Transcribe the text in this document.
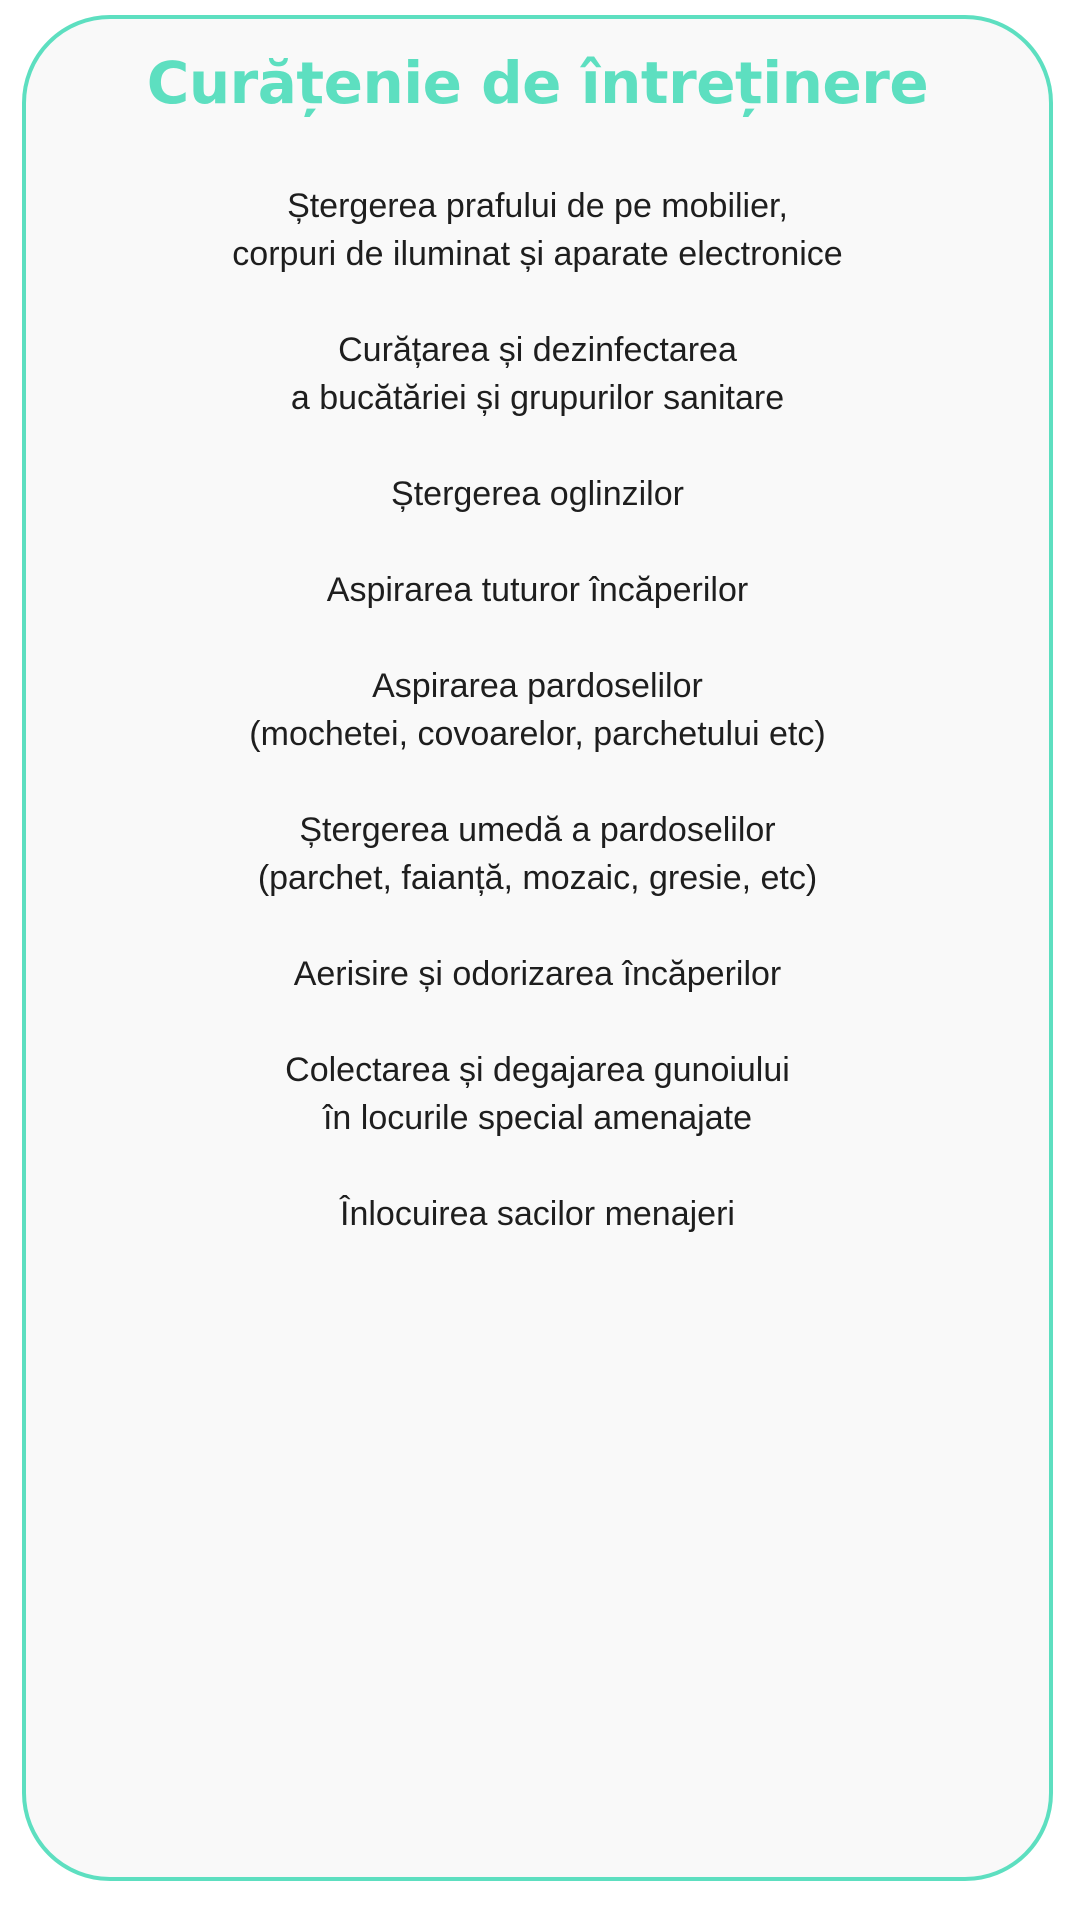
Curățenie de întreținere
Ștergerea prafului de pe mobilier,
corpuri de iluminat și aparate electronice
Curățarea și dezinfectarea
a bucătăriei și grupurilor sanitare
Ștergerea oglinzilor
Aspirarea tuturor încăperilor
Aspirarea pardoselilor
(mochetei, covoarelor, parchetului etc)
Ștergerea umedă a pardoselilor
(parchet, faianță, mozaic, gresie, etc)
Aerisire și odorizarea încăperilor
Colectarea și degajarea gunoiului
în locurile special amenajate
Înlocuirea sacilor menajeri
